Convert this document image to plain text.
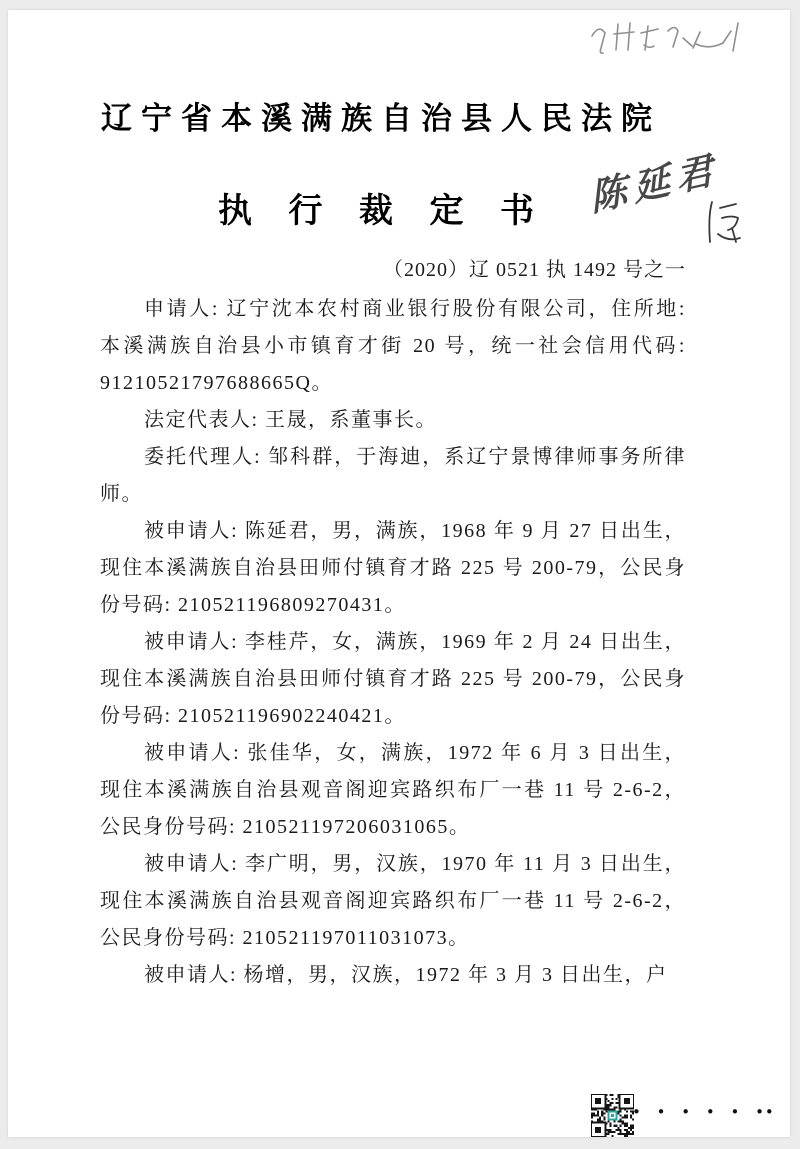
辽宁省本溪满族自治县人民法院
陈延君
执 行 裁 定 书
（2020）辽 0521 执 1492 号之一

申请人: 辽宁沈本农村商业银行股份有限公司，住所地: 本溪满族自治县小市镇育才街 20 号，统一社会信用代码: 91210521797688665Q。

法定代表人: 王晟，系董事长。

委托代理人: 邹科群，于海迪，系辽宁景博律师事务所律师。

被申请人: 陈延君，男，满族，1968 年 9 月 27 日出生，现住本溪满族自治县田师付镇育才路 225 号 200-79，公民身份号码: 210521196809270431。

被申请人: 李桂芹，女，满族，1969 年 2 月 24 日出生，现住本溪满族自治县田师付镇育才路 225 号 200-79，公民身份号码: 210521196902240421。

被申请人: 张佳华，女，满族，1972 年 6 月 3 日出生，现住本溪满族自治县观音阁迎宾路织布厂一巷 11 号 2-6-2，公民身份号码: 210521197206031065。

被申请人: 李广明，男，汉族，1970 年 11 月 3 日出生，现住本溪满族自治县观音阁迎宾路织布厂一巷 11 号 2-6-2，公民身份号码: 210521197011031073。

被申请人: 杨增，男，汉族，1972 年 3 月 3 日出生，户

• • • • • ••
